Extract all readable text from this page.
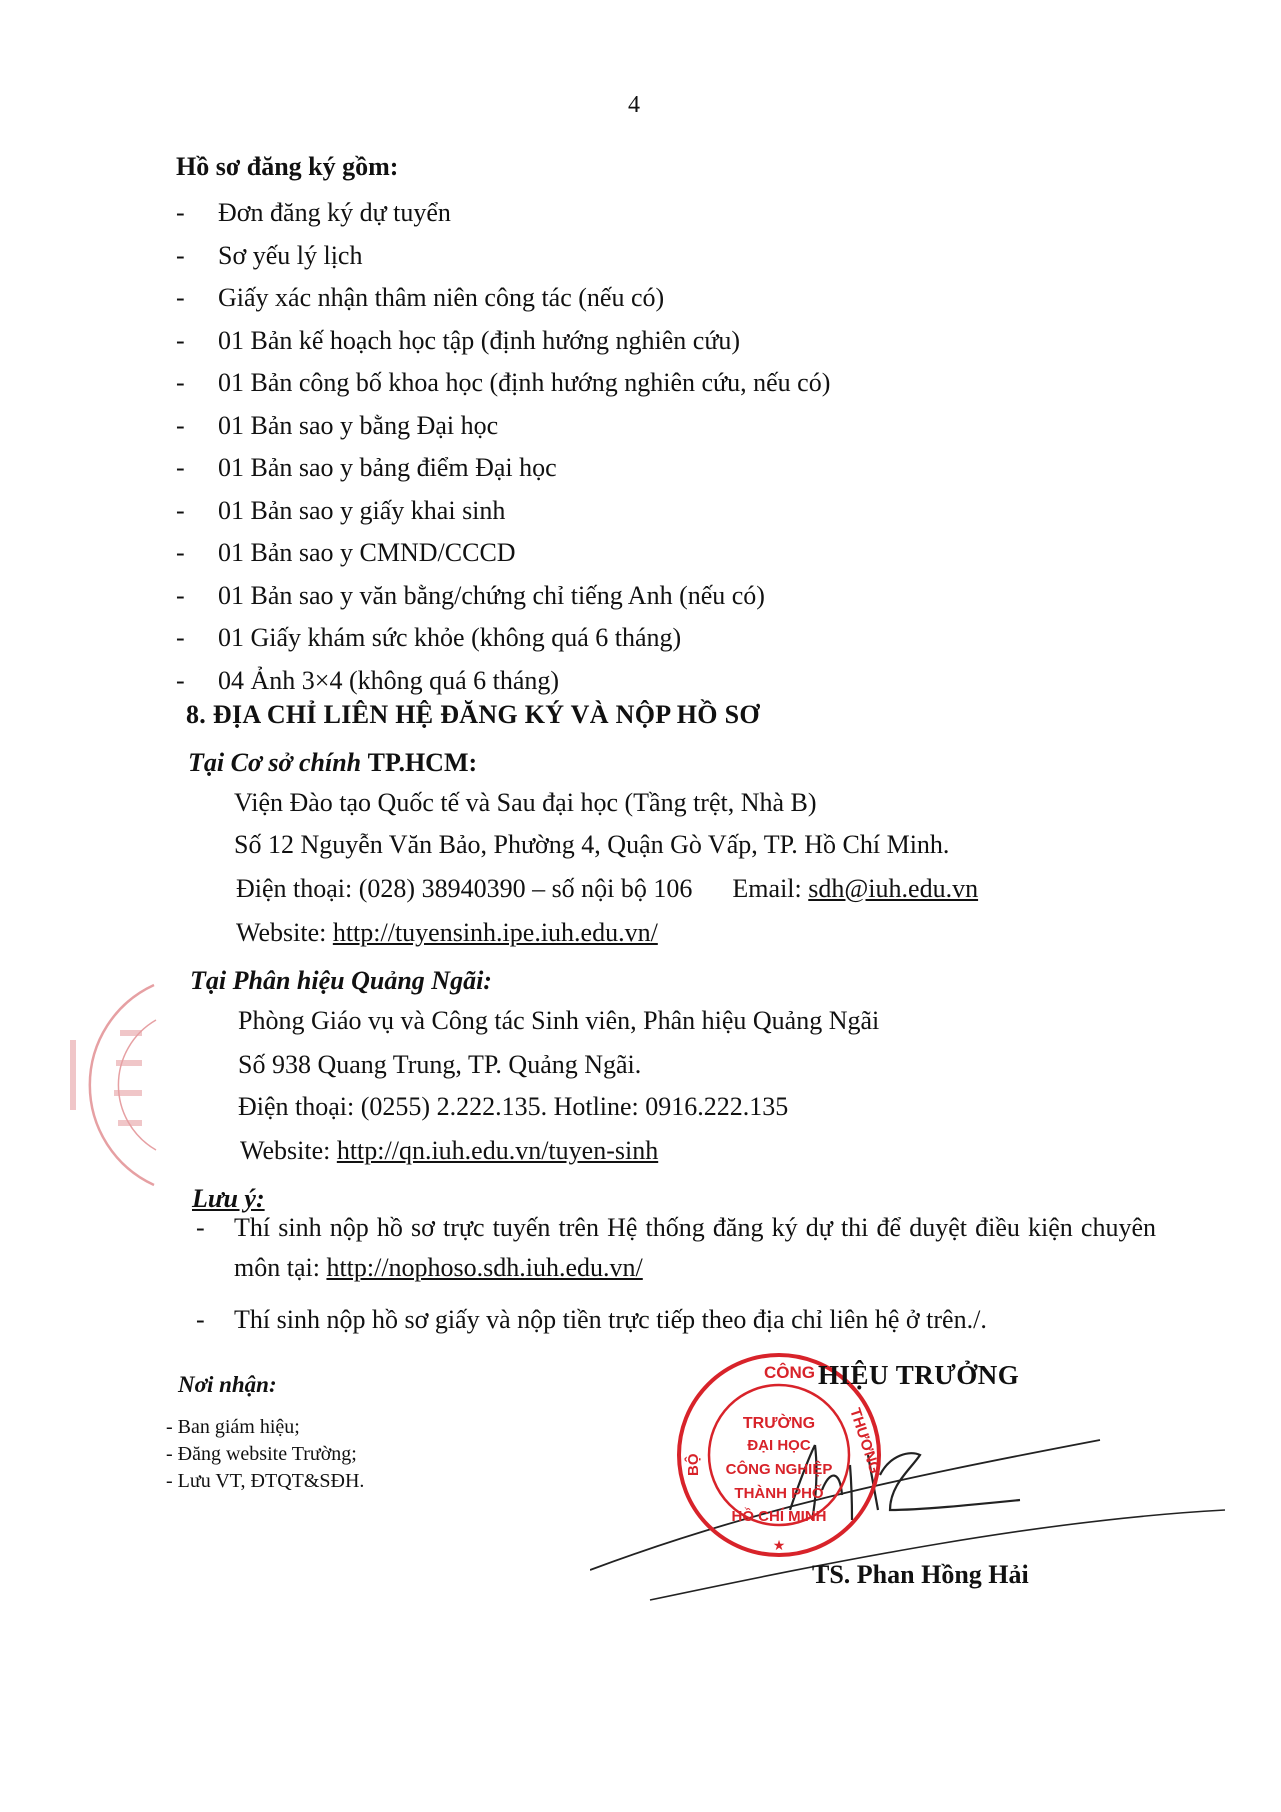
4
Hồ sơ đăng ký gồm:
- Đơn đăng ký dự tuyển
- Sơ yếu lý lịch
- Giấy xác nhận thâm niên công tác (nếu có)
- 01 Bản kế hoạch học tập (định hướng nghiên cứu)
- 01 Bản công bố khoa học (định hướng nghiên cứu, nếu có)
- 01 Bản sao y bằng Đại học
- 01 Bản sao y bảng điểm Đại học
- 01 Bản sao y giấy khai sinh
- 01 Bản sao y CMND/CCCD
- 01 Bản sao y văn bằng/chứng chỉ tiếng Anh (nếu có)
- 01 Giấy khám sức khỏe (không quá 6 tháng)
- 04 Ảnh 3×4 (không quá 6 tháng)
8. ĐỊA CHỈ LIÊN HỆ ĐĂNG KÝ VÀ NỘP HỒ SƠ
Tại Cơ sở chính TP.HCM:
Viện Đào tạo Quốc tế và Sau đại học (Tầng trệt, Nhà B)
Số 12 Nguyễn Văn Bảo, Phường 4, Quận Gò Vấp, TP. Hồ Chí Minh.
Điện thoại: (028) 38940390 – số nội bộ 106 Email: sdh@iuh.edu.vn
Website: http://tuyensinh.ipe.iuh.edu.vn/
Tại Phân hiệu Quảng Ngãi:
Phòng Giáo vụ và Công tác Sinh viên, Phân hiệu Quảng Ngãi
Số 938 Quang Trung, TP. Quảng Ngãi.
Điện thoại: (0255) 2.222.135. Hotline: 0916.222.135
Website: http://qn.iuh.edu.vn/tuyen-sinh
Lưu ý:
- Thí sinh nộp hồ sơ trực tuyến trên Hệ thống đăng ký dự thi để duyệt điều kiện chuyên môn tại: http://nophoso.sdh.iuh.edu.vn/
- Thí sinh nộp hồ sơ giấy và nộp tiền trực tiếp theo địa chỉ liên hệ ở trên./.
Nơi nhận:
- Ban giám hiệu;
- Đăng website Trường;
- Lưu VT, ĐTQT&SĐH.
CÔNG
THƯƠNG
BỘ
TRƯỜNG
ĐẠI HỌC
CÔNG NGHIỆP
THÀNH PHỐ
HỒ CHÍ MINH
★
HIỆU TRƯỞNG
TS. Phan Hồng Hải
